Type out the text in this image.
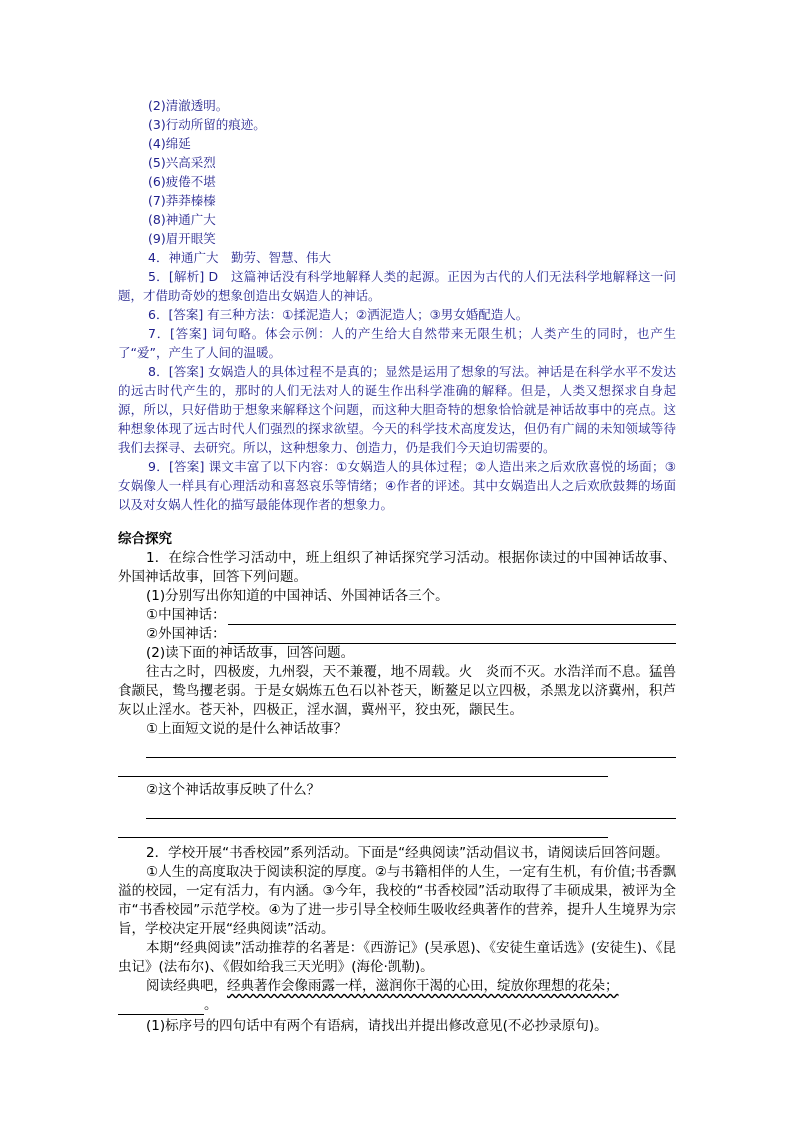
(2)清澈透明。
(3)行动所留的痕迹。
(4)绵延
(5)兴高采烈
(6)疲倦不堪
(7)莽莽榛榛
(8)神通广大
(9)眉开眼笑
4．神通广大　勤劳、智慧、伟大
5．[解析] D　这篇神话没有科学地解释人类的起源。正因为古代的人们无法科学地解释这一问题，才借助奇妙的想象创造出女娲造人的神话。
6．[答案] 有三种方法：①揉泥造人；②洒泥造人；③男女婚配造人。
7．[答案] 词句略。体会示例：人的产生给大自然带来无限生机；人类产生的同时，也产生了“爱”，产生了人间的温暖。
8．[答案] 女娲造人的具体过程不是真的；显然是运用了想象的写法。神话是在科学水平不发达的远古时代产生的，那时的人们无法对人的诞生作出科学准确的解释。但是，人类又想探求自身起源，所以，只好借助于想象来解释这个问题，而这种大胆奇特的想象恰恰就是神话故事中的亮点。这种想象体现了远古时代人们强烈的探求欲望。今天的科学技术高度发达，但仍有广阔的未知领域等待我们去探寻、去研究。所以，这种想象力、创造力，仍是我们今天迫切需要的。
9．[答案] 课文丰富了以下内容：①女娲造人的具体过程；②人造出来之后欢欣喜悦的场面；③女娲像人一样具有心理活动和喜怒哀乐等情绪；④作者的评述。其中女娲造出人之后欢欣鼓舞的场面以及对女娲人性化的描写最能体现作者的想象力。
综合探究
1．在综合性学习活动中，班上组织了神话探究学习活动。根据你读过的中国神话故事、外国神话故事，回答下列问题。
(1)分别写出你知道的中国神话、外国神话各三个。
①中国神话：
②外国神话：
(2)读下面的神话故事，回答问题。
往古之时，四极废，九州裂，天不兼覆，地不周载。火　炎而不灭。水浩洋而不息。猛兽食颛民，鸷鸟攫老弱。于是女娲炼五色石以补苍天，断鳌足以立四极，杀黑龙以济冀州，积芦灰以止淫水。苍天补，四极正，淫水涸，冀州平，狡虫死，颛民生。
①上面短文说的是什么神话故事？
②这个神话故事反映了什么？
2．学校开展“书香校园”系列活动。下面是“经典阅读”活动倡议书，请阅读后回答问题。
①人生的高度取决于阅读积淀的厚度。②与书籍相伴的人生，一定有生机，有价值;书香飘溢的校园，一定有活力，有内涵。③今年，我校的“书香校园”活动取得了丰硕成果，被评为全市“书香校园”示范学校。④为了进一步引导全校师生吸收经典著作的营养，提升人生境界为宗旨，学校决定开展“经典阅读”活动。
本期“经典阅读”活动推荐的名著是：《西游记》(吴承恩)、《安徒生童话选》(安徒生)、《昆虫记》(法布尔)、《假如给我三天光明》(海伦·凯勒)。
阅读经典吧，经典著作会像雨露一样，滋润你干渴的心田，绽放你理想的花朵；
。
(1)标序号的四句话中有两个有语病，请找出并提出修改意见(不必抄录原句)。
